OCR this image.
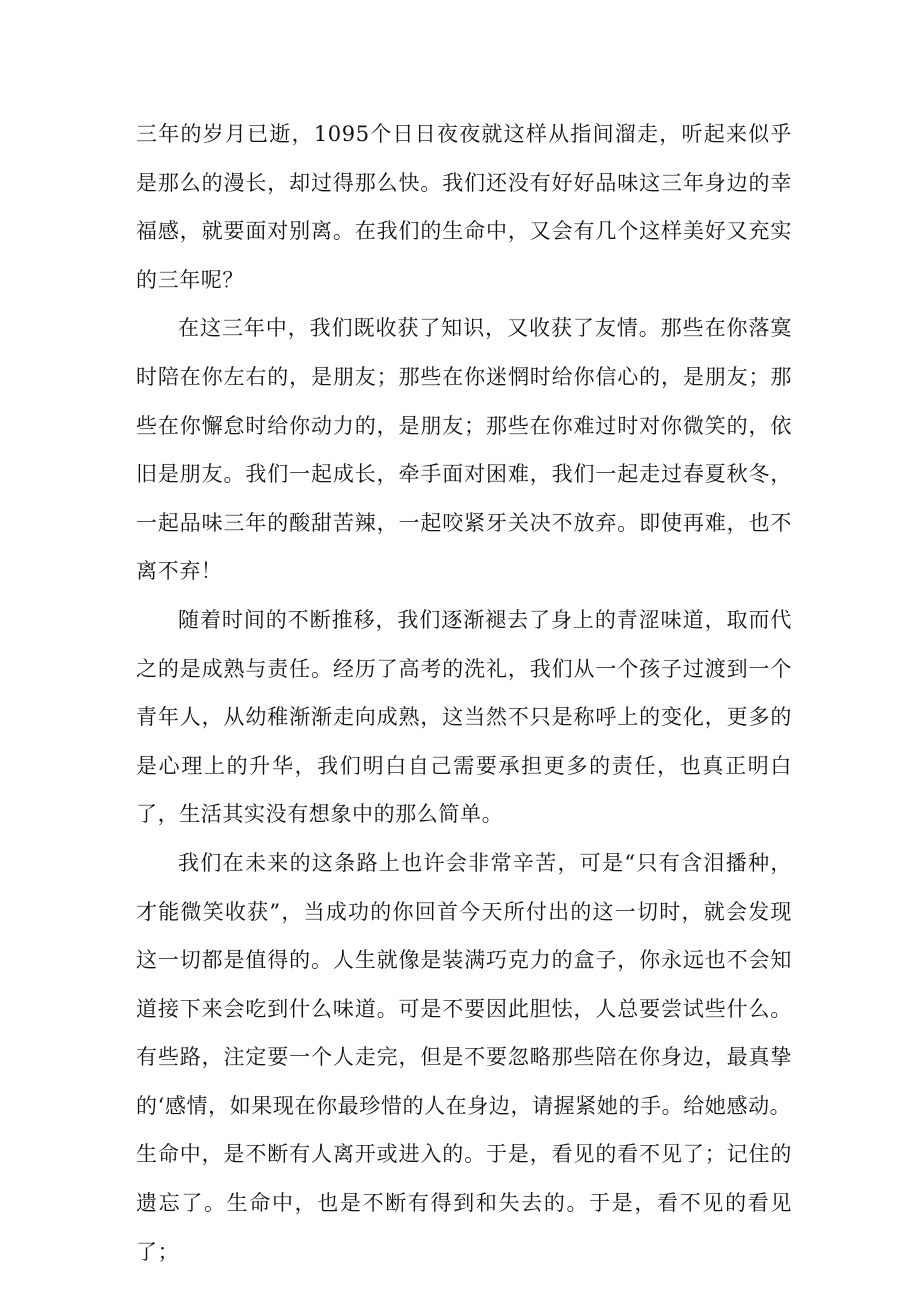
三年的岁月已逝，1095个日日夜夜就这样从指间溜走，听起来似乎是那么的漫长，却过得那么快。我们还没有好好品味这三年身边的幸福感，就要面对别离。在我们的生命中，又会有几个这样美好又充实的三年呢？

在这三年中，我们既收获了知识，又收获了友情。那些在你落寞时陪在你左右的，是朋友；那些在你迷惘时给你信心的，是朋友；那些在你懈怠时给你动力的，是朋友；那些在你难过时对你微笑的，依旧是朋友。我们一起成长，牵手面对困难，我们一起走过春夏秋冬，一起品味三年的酸甜苦辣，一起咬紧牙关决不放弃。即使再难，也不离不弃！

随着时间的不断推移，我们逐渐褪去了身上的青涩味道，取而代之的是成熟与责任。经历了高考的洗礼，我们从一个孩子过渡到一个青年人，从幼稚渐渐走向成熟，这当然不只是称呼上的变化，更多的是心理上的升华，我们明白自己需要承担更多的责任，也真正明白了，生活其实没有想象中的那么简单。

我们在未来的这条路上也许会非常辛苦，可是“只有含泪播种，才能微笑收获”，当成功的你回首今天所付出的这一切时，就会发现这一切都是值得的。人生就像是装满巧克力的盒子，你永远也不会知道接下来会吃到什么味道。可是不要因此胆怯，人总要尝试些什么。有些路，注定要一个人走完，但是不要忽略那些陪在你身边，最真挚的‘感情，如果现在你最珍惜的人在身边，请握紧她的手。给她感动。

生命中，是不断有人离开或进入的。于是，看见的看不见了；记住的遗忘了。生命中，也是不断有得到和失去的。于是，看不见的看见了；
